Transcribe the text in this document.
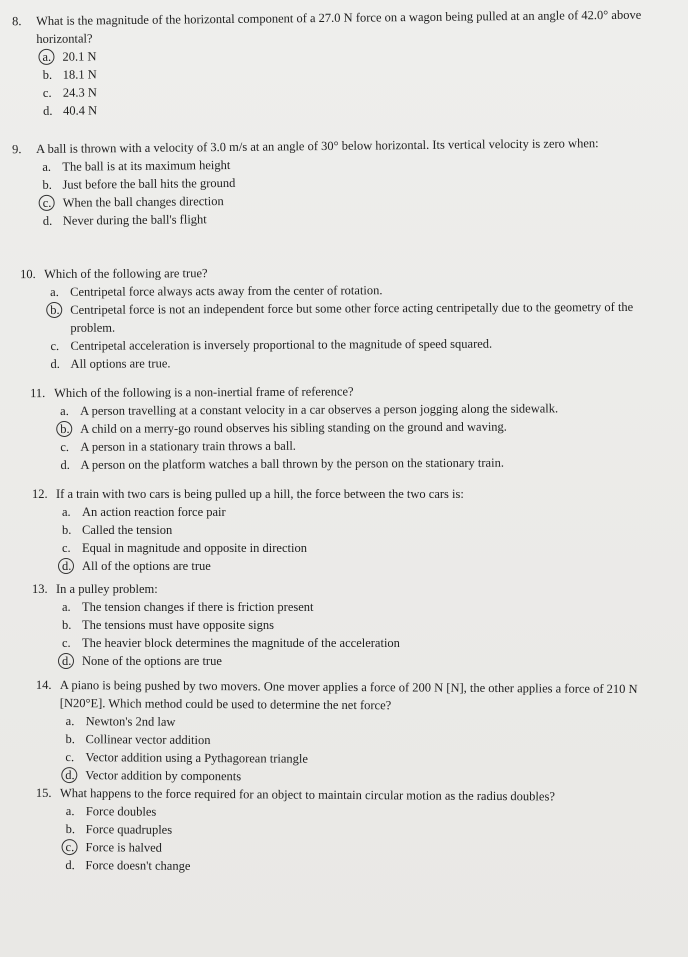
8. What is the magnitude of the horizontal component of a 27.0 N force on a wagon being pulled at an angle of 42.0° above horizontal?
a. 20.1 N
b. 18.1 N
c. 24.3 N
d. 40.4 N
9. A ball is thrown with a velocity of 3.0 m/s at an angle of 30° below horizontal. Its vertical velocity is zero when:
a. The ball is at its maximum height
b. Just before the ball hits the ground
c. When the ball changes direction
d. Never during the ball's flight
10. Which of the following are true?
a. Centripetal force always acts away from the center of rotation.
b. Centripetal force is not an independent force but some other force acting centripetally due to the geometry of the problem.
c. Centripetal acceleration is inversely proportional to the magnitude of speed squared.
d. All options are true.
11. Which of the following is a non-inertial frame of reference?
a. A person travelling at a constant velocity in a car observes a person jogging along the sidewalk.
b. A child on a merry-go round observes his sibling standing on the ground and waving.
c. A person in a stationary train throws a ball.
d. A person on the platform watches a ball thrown by the person on the stationary train.
12. If a train with two cars is being pulled up a hill, the force between the two cars is:
a. An action reaction force pair
b. Called the tension
c. Equal in magnitude and opposite in direction
d. All of the options are true
13. In a pulley problem:
a. The tension changes if there is friction present
b. The tensions must have opposite signs
c. The heavier block determines the magnitude of the acceleration
d. None of the options are true
14. A piano is being pushed by two movers. One mover applies a force of 200 N [N], the other applies a force of 210 N [N20°E]. Which method could be used to determine the net force?
a. Newton's 2nd law
b. Collinear vector addition
c. Vector addition using a Pythagorean triangle
d. Vector addition by components
15. What happens to the force required for an object to maintain circular motion as the radius doubles?
a. Force doubles
b. Force quadruples
c. Force is halved
d. Force doesn't change
